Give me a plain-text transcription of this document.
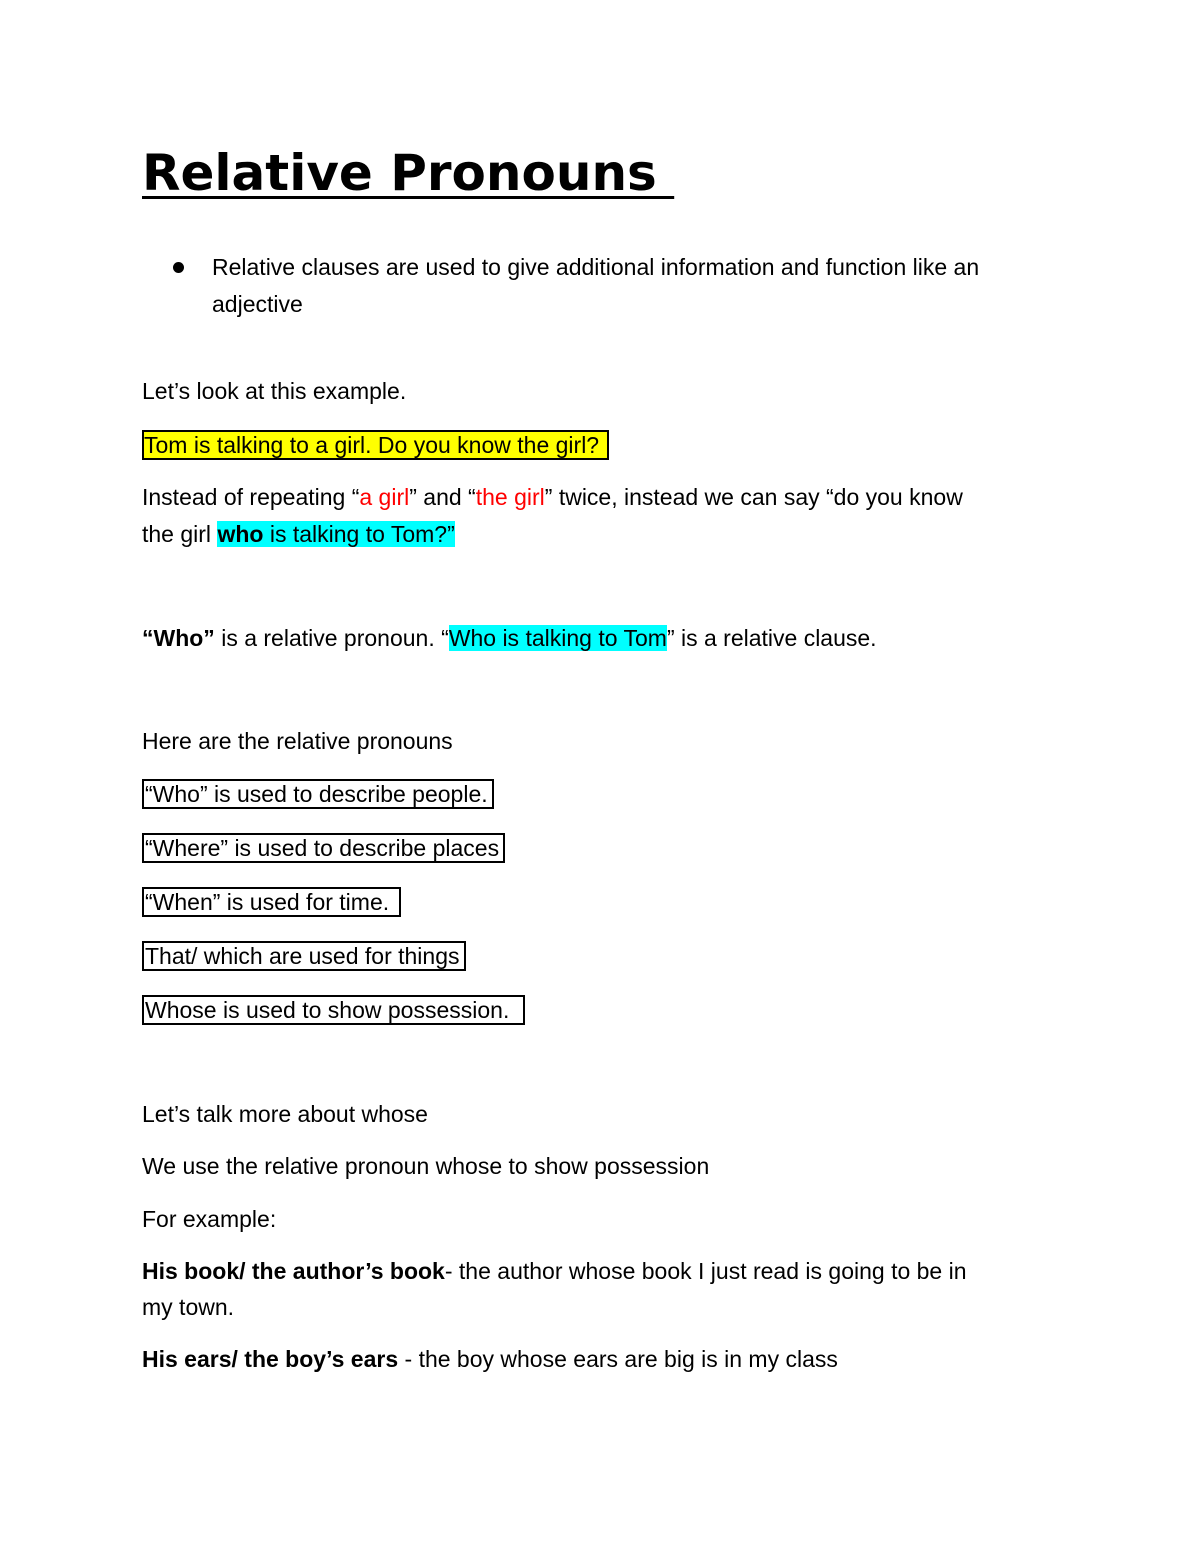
Relative Pronouns
Relative clauses are used to give additional information and function like an
adjective
Let’s look at this example.
Tom is talking to a girl. Do you know the girl?
Instead of repeating “a girl” and “the girl” twice, instead we can say “do you know
the girl who is talking to Tom?”
“Who” is a relative pronoun. “Who is talking to Tom” is a relative clause.
Here are the relative pronouns
“Who” is used to describe people.
“Where” is used to describe places
“When” is used for time.
That/ which are used for things
Whose is used to show possession.
Let’s talk more about whose
We use the relative pronoun whose to show possession
For example:
His book/ the author’s book- the author whose book I just read is going to be in
my town.
His ears/ the boy’s ears - the boy whose ears are big is in my class
